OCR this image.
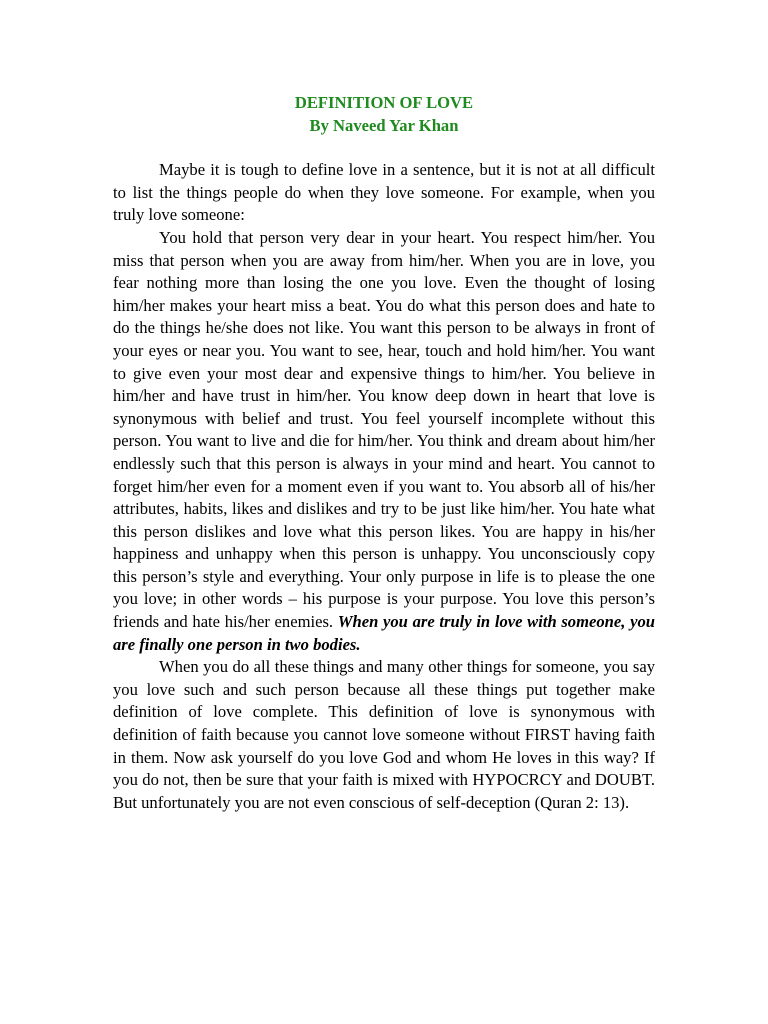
DEFINITION OF LOVE
By Naveed Yar Khan

Maybe it is tough to define love in a sentence, but it is not at all difficult to list the things people do when they love someone. For example, when you truly love someone:

You hold that person very dear in your heart. You respect him/her. You miss that person when you are away from him/her. When you are in love, you fear nothing more than losing the one you love. Even the thought of losing him/her makes your heart miss a beat. You do what this person does and hate to do the things he/she does not like. You want this person to be always in front of your eyes or near you. You want to see, hear, touch and hold him/her. You want to give even your most dear and expensive things to him/her. You believe in him/her and have trust in him/her. You know deep down in heart that love is synonymous with belief and trust. You feel yourself incomplete without this person. You want to live and die for him/her. You think and dream about him/her endlessly such that this person is always in your mind and heart. You cannot to forget him/her even for a moment even if you want to. You absorb all of his/her attributes, habits, likes and dislikes and try to be just like him/her. You hate what this person dislikes and love what this person likes. You are happy in his/her happiness and unhappy when this person is unhappy. You unconsciously copy this person’s style and everything. Your only purpose in life is to please the one you love; in other words – his purpose is your purpose. You love this person’s friends and hate his/her enemies. When you are truly in love with someone, you are finally one person in two bodies.

When you do all these things and many other things for someone, you say you love such and such person because all these things put together make definition of love complete. This definition of love is synonymous with definition of faith because you cannot love someone without FIRST having faith in them. Now ask yourself do you love God and whom He loves in this way? If you do not, then be sure that your faith is mixed with HYPOCRCY and DOUBT. But unfortunately you are not even conscious of self-deception (Quran 2: 13).
